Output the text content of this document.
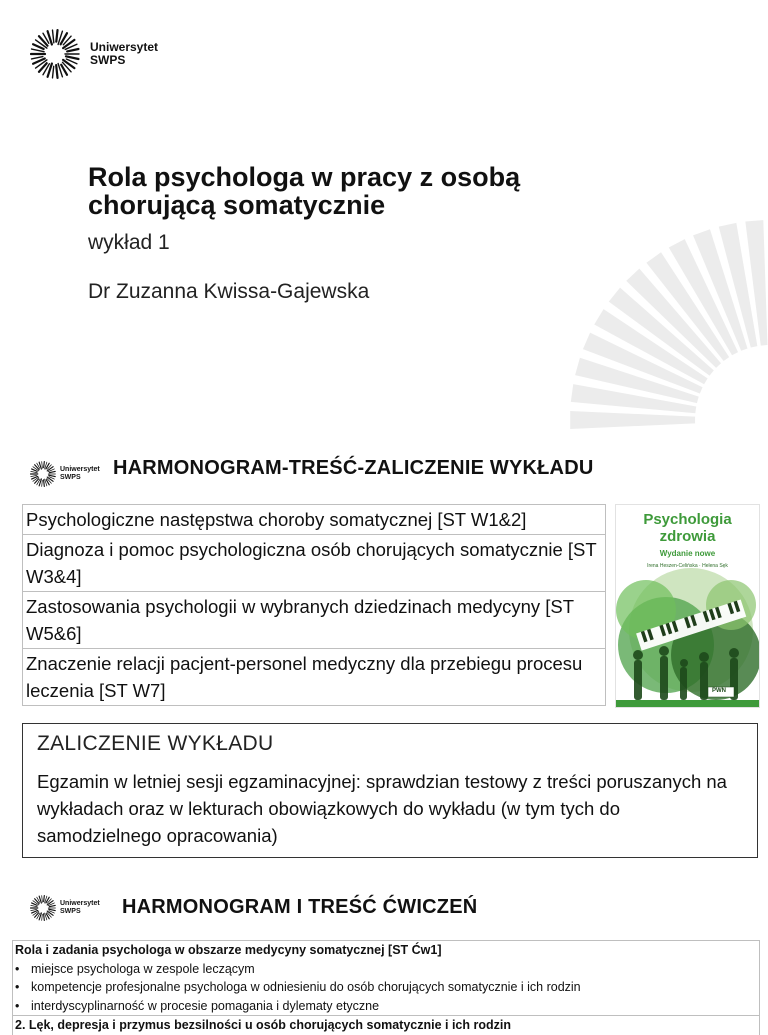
Uniwersytet
SWPS
Rola psychologa w pracy z osobą chorującą somatycznie
wykład 1
Dr Zuzanna Kwissa-Gajewska
Uniwersytet
SWPS	HARMONOGRAM-TREŚĆ-ZALICZENIE WYKŁADU
Psychologiczne następstwa choroby somatycznej [ST W1&2]
Diagnoza i pomoc psychologiczna osób chorujących somatycznie [ST W3&4]
Zastosowania psychologii w wybranych dziedzinach medycyny [ST W5&6]
Znaczenie relacji pacjent-personel medyczny dla przebiegu procesu leczenia [ST W7]
Psychologia
zdrowia
Wydanie nowe
Irena Heszen-Celińska · Helena Sęk
PWN
ZALICZENIE WYKŁADU
Egzamin w letniej sesji egzaminacyjnej: sprawdzian testowy z treści poruszanych na wykładach oraz w lekturach obowiązkowych do wykładu (w tym tych do samodzielnego opracowania)
Uniwersytet
SWPS	HARMONOGRAM I TREŚĆ ĆWICZEŃ
Rola i zadania psychologa w obszarze medycyny somatycznej [ST Ćw1]
• miejsce psychologa w zespole leczącym
• kompetencje profesjonalne psychologa w odniesieniu do osób chorujących somatycznie i ich rodzin
• interdyscyplinarność w procesie pomagania i dylematy etyczne
2. Lęk, depresja i przymus bezsilności u osób chorujących somatycznie i ich rodzin
